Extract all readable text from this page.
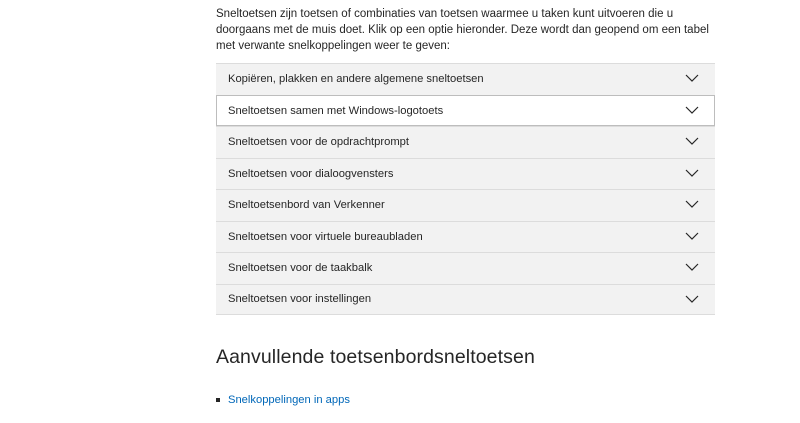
Sneltoetsen zijn toetsen of combinaties van toetsen waarmee u taken kunt uitvoeren die u doorgaans met de muis doet. Klik op een optie hieronder. Deze wordt dan geopend om een tabel met verwante snelkoppelingen weer te geven:

Kopiëren, plakken en andere algemene sneltoetsen
Sneltoetsen samen met Windows-logotoets
Sneltoetsen voor de opdrachtprompt
Sneltoetsen voor dialoogvensters
Sneltoetsenbord van Verkenner
Sneltoetsen voor virtuele bureaubladen
Sneltoetsen voor de taakbalk
Sneltoetsen voor instellingen
Aanvullende toetsenbordsneltoetsen
Snelkoppelingen in apps
